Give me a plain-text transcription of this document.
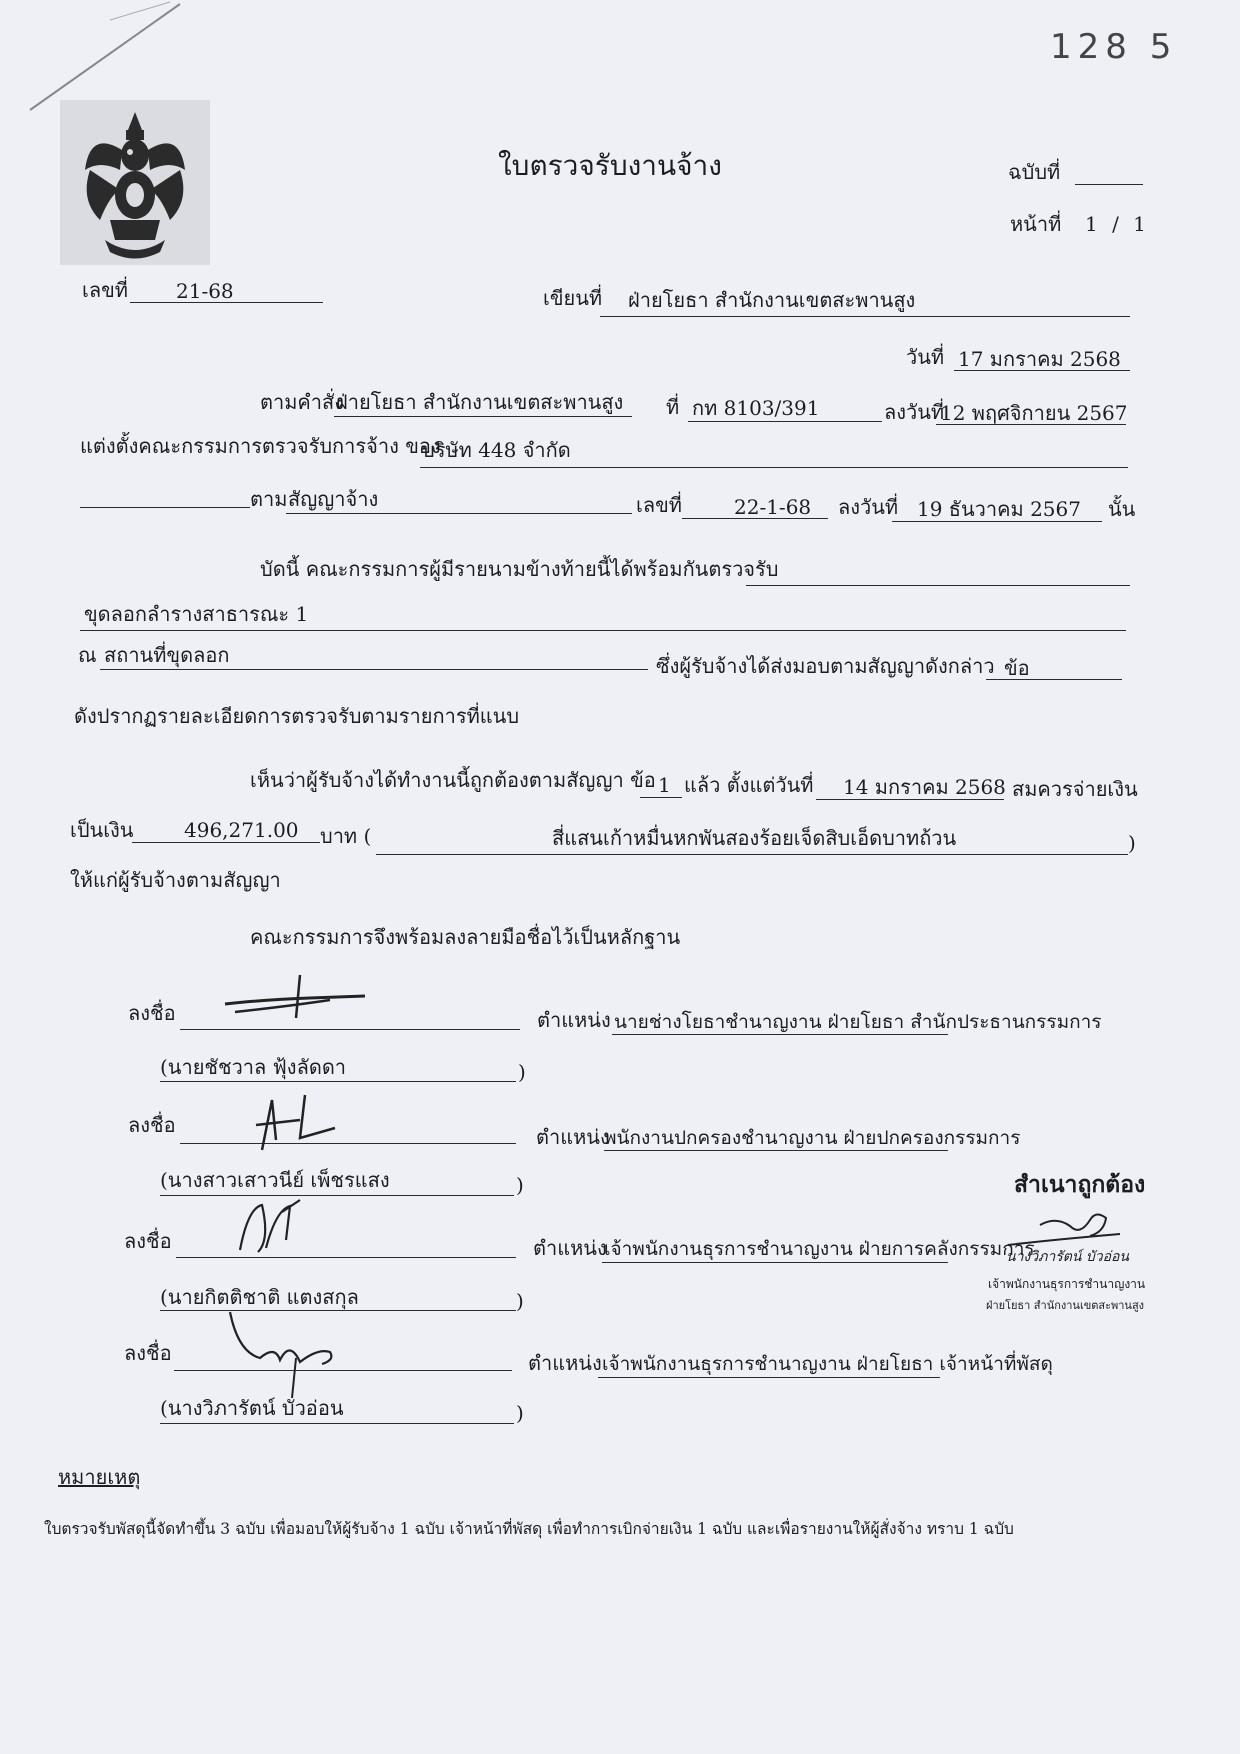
128 5
ใบตรวจรับงานจ้าง	ฉบับที่
หน้าที่ 1 / 1
เลขที่ 21-68	เขียนที่ ฝ่ายโยธา สำนักงานเขตสะพานสูง
วันที่ 17 มกราคม 2568
ตามคำสั่ง
ฝ่ายโยธา สำนักงานเขตสะพานสูง ที่ กท 8103/391	ลงวันที่
12 พฤศจิกายน 2567
แต่งตั้งคณะกรรมการตรวจรับการจ้าง ของ
บริษัท 448 จำกัด
ตาม สัญญาจ้าง	เลขที่	22-1-68 ลงวันที่ 19 ธันวาคม 2567 นั้น
บัดนี้ คณะกรรมการผู้มีรายนามข้างท้ายนี้ได้พร้อมกันตรวจรับ
ขุดลอกลำรางสาธารณะ 1
ณ สถานที่ขุดลอก	ซึ่งผู้รับจ้างได้ส่งมอบตามสัญญาดังกล่าว ข้อ
ดังปรากฏรายละเอียดการตรวจรับตามรายการที่แนบ
เห็นว่าผู้รับจ้างได้ทำงานนี้ถูกต้องตามสัญญา ข้อ 1 แล้ว ตั้งแต่วันที่ 14 มกราคม 2568 สมควรจ่ายเงิน
เป็นเงิน	496,271.00 บาท (	สี่แสนเก้าหมื่นหกพันสองร้อยเจ็ดสิบเอ็ดบาทถ้วน	)
ให้แก่ผู้รับจ้างตามสัญญา
คณะกรรมการจึงพร้อมลงลายมือชื่อไว้เป็นหลักฐาน
ลงชื่อ	ตำแหน่ง นายช่างโยธาชำนาญงาน ฝ่ายโยธา สำนักประธานกรรมการ
(นายชัชวาล ฟุ้งลัดดา	)
ลงชื่อ	ตำแหน่ง
พนักงานปกครองชำนาญงาน ฝ่ายปกครองกรรมการ
(นางสาวเสาวนีย์ เพ็ชรแสง	)
ลงชื่อ	ตำแหน่ง
เจ้าพนักงานธุรการชำนาญงาน ฝ่ายการคลังกรรมการ
(นายกิตติชาติ แตงสกุล	)
ลงชื่อ	ตำแหน่ง เจ้าพนักงานธุรการชำนาญงาน ฝ่ายโยธา เจ้าหน้าที่พัสดุ
(นางวิภารัตน์ บัวอ่อน	)
สำเนาถูกต้อง
นางวิภารัตน์ บัวอ่อน
เจ้าพนักงานธุรการชำนาญงาน
ฝ่ายโยธา สำนักงานเขตสะพานสูง
หมายเหตุ
ใบตรวจรับพัสดุนี้จัดทำขึ้น 3 ฉบับ เพื่อมอบให้ผู้รับจ้าง 1 ฉบับ เจ้าหน้าที่พัสดุ เพื่อทำการเบิกจ่ายเงิน 1 ฉบับ และเพื่อรายงานให้ผู้สั่งจ้าง ทราบ 1 ฉบับ
